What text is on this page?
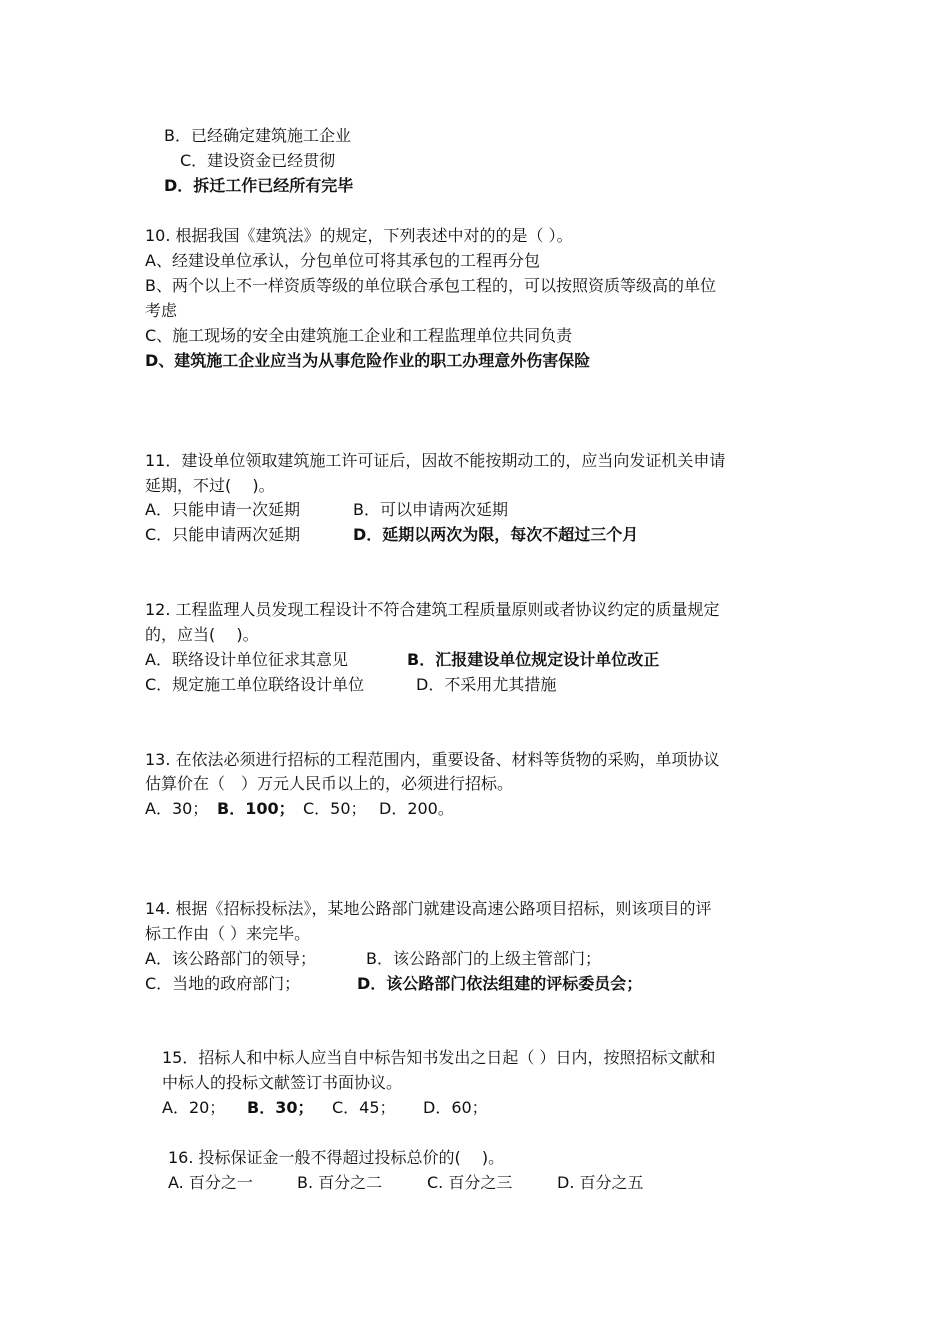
B．已经确定建筑施工企业
C．建设资金已经贯彻
D．拆迁工作已经所有完毕
10. 根据我国《建筑法》的规定，下列表述中对的的是（ ）。
A、经建设单位承认，分包单位可将其承包的工程再分包
B、两个以上不一样资质等级的单位联合承包工程的，可以按照资质等级高的单位
考虑
C、施工现场的安全由建筑施工企业和工程监理单位共同负责
D、建筑施工企业应当为从事危险作业的职工办理意外伤害保险
11．建设单位领取建筑施工许可证后，因故不能按期动工的，应当向发证机关申请
延期，不过(　 )。
A．只能申请一次延期	B．可以申请两次延期
C．只能申请两次延期	D．延期以两次为限，每次不超过三个月
12. 工程监理人员发现工程设计不符合建筑工程质量原则或者协议约定的质量规定
的，应当(　 )。
A．联络设计单位征求其意见	B．汇报建设单位规定设计单位改正
C．规定施工单位联络设计单位	D．不采用尤其措施
13. 在依法必须进行招标的工程范围内，重要设备、材料等货物的采购，单项协议
估算价在（　）万元人民币以上的，必须进行招标。
A．30； B．100； C．50； D．200。
14. 根据《招标投标法》，某地公路部门就建设高速公路项目招标，则该项目的评
标工作由（ ）来完毕。
A．该公路部门的领导；	B．该公路部门的上级主管部门；
C．当地的政府部门；	D．该公路部门依法组建的评标委员会；
15．招标人和中标人应当自中标告知书发出之日起（ ）日内，按照招标文献和
中标人的投标文献签订书面协议。
A．20； B．30； C．45； D．60；
16. 投标保证金一般不得超过投标总价的(　 )。
A. 百分之一	B. 百分之二	C. 百分之三	D. 百分之五
